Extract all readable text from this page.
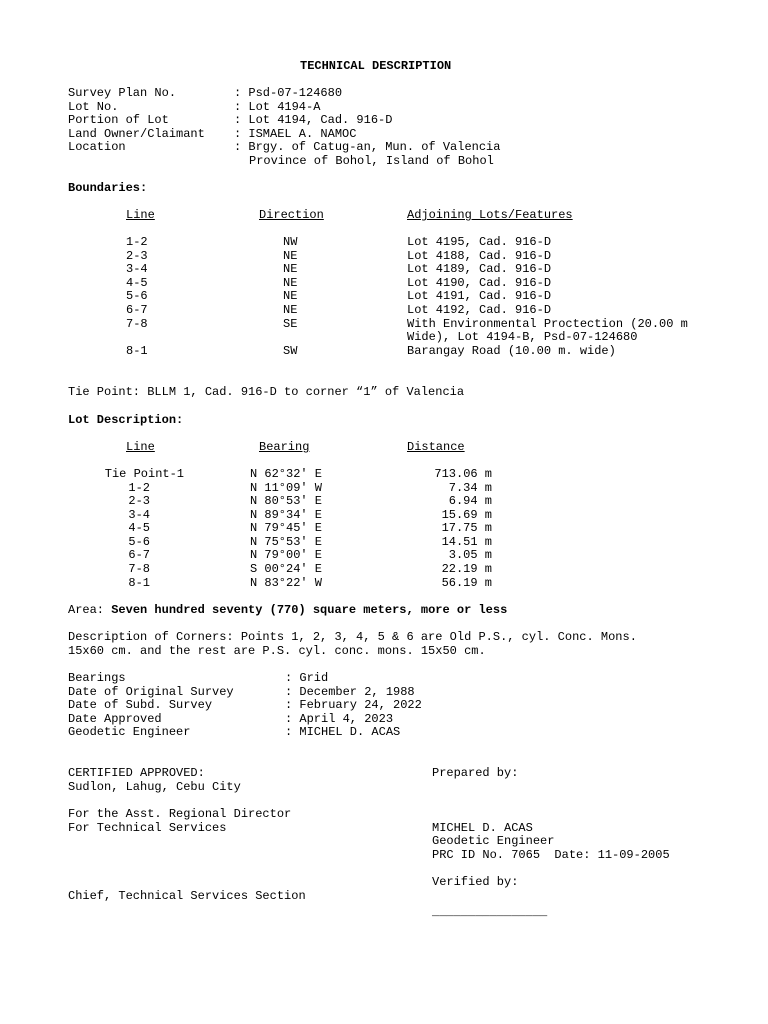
TECHNICAL DESCRIPTION
Survey Plan No.	: Psd-07-124680
Lot No.	: Lot 4194-A
Portion of Lot	: Lot 4194, Cad. 916-D
Land Owner/Claimant : ISMAEL A. NAMOC
Location	: Brgy. of Catug-an, Mun. of Valencia
Province of Bohol, Island of Bohol
Boundaries:
Line	Direction	Adjoining Lots/Features
1-2	NW	Lot 4195, Cad. 916-D
2-3	NE	Lot 4188, Cad. 916-D
3-4	NE	Lot 4189, Cad. 916-D
4-5	NE	Lot 4190, Cad. 916-D
5-6	NE	Lot 4191, Cad. 916-D
6-7	NE	Lot 4192, Cad. 916-D
7-8	SE	With Environmental Proctection (20.00 m
Wide), Lot 4194-B, Psd-07-124680
8-1	SW	Barangay Road (10.00 m. wide)
Tie Point: BLLM 1, Cad. 916-D to corner “1” of Valencia
Lot Description:
Line	Bearing	Distance
Tie Point-1	N 62°32' E	713.06 m
1-2	N 11°09' W	7.34 m
2-3	N 80°53' E	6.94 m
3-4	N 89°34' E	15.69 m
4-5	N 79°45' E	17.75 m
5-6	N 75°53' E	14.51 m
6-7	N 79°00' E	3.05 m
7-8	S 00°24' E	22.19 m
8-1	N 83°22' W	56.19 m
Area: Seven hundred seventy (770) square meters, more or less
Description of Corners: Points 1, 2, 3, 4, 5 & 6 are Old P.S., cyl. Conc. Mons.
15x60 cm. and the rest are P.S. cyl. conc. mons. 15x50 cm.
Bearings	: Grid
Date of Original Survey	: December 2, 1988
Date of Subd. Survey	: February 24, 2022
Date Approved	: April 4, 2023
Geodetic Engineer	: MICHEL D. ACAS
CERTIFIED APPROVED:
Sudlon, Lahug, Cebu City
For the Asst. Regional Director
For Technical Services
Chief, Technical Services Section
Prepared by:
MICHEL D. ACAS
Geodetic Engineer
PRC ID No. 7065  Date: 11-09-2005
Verified by:
________________
